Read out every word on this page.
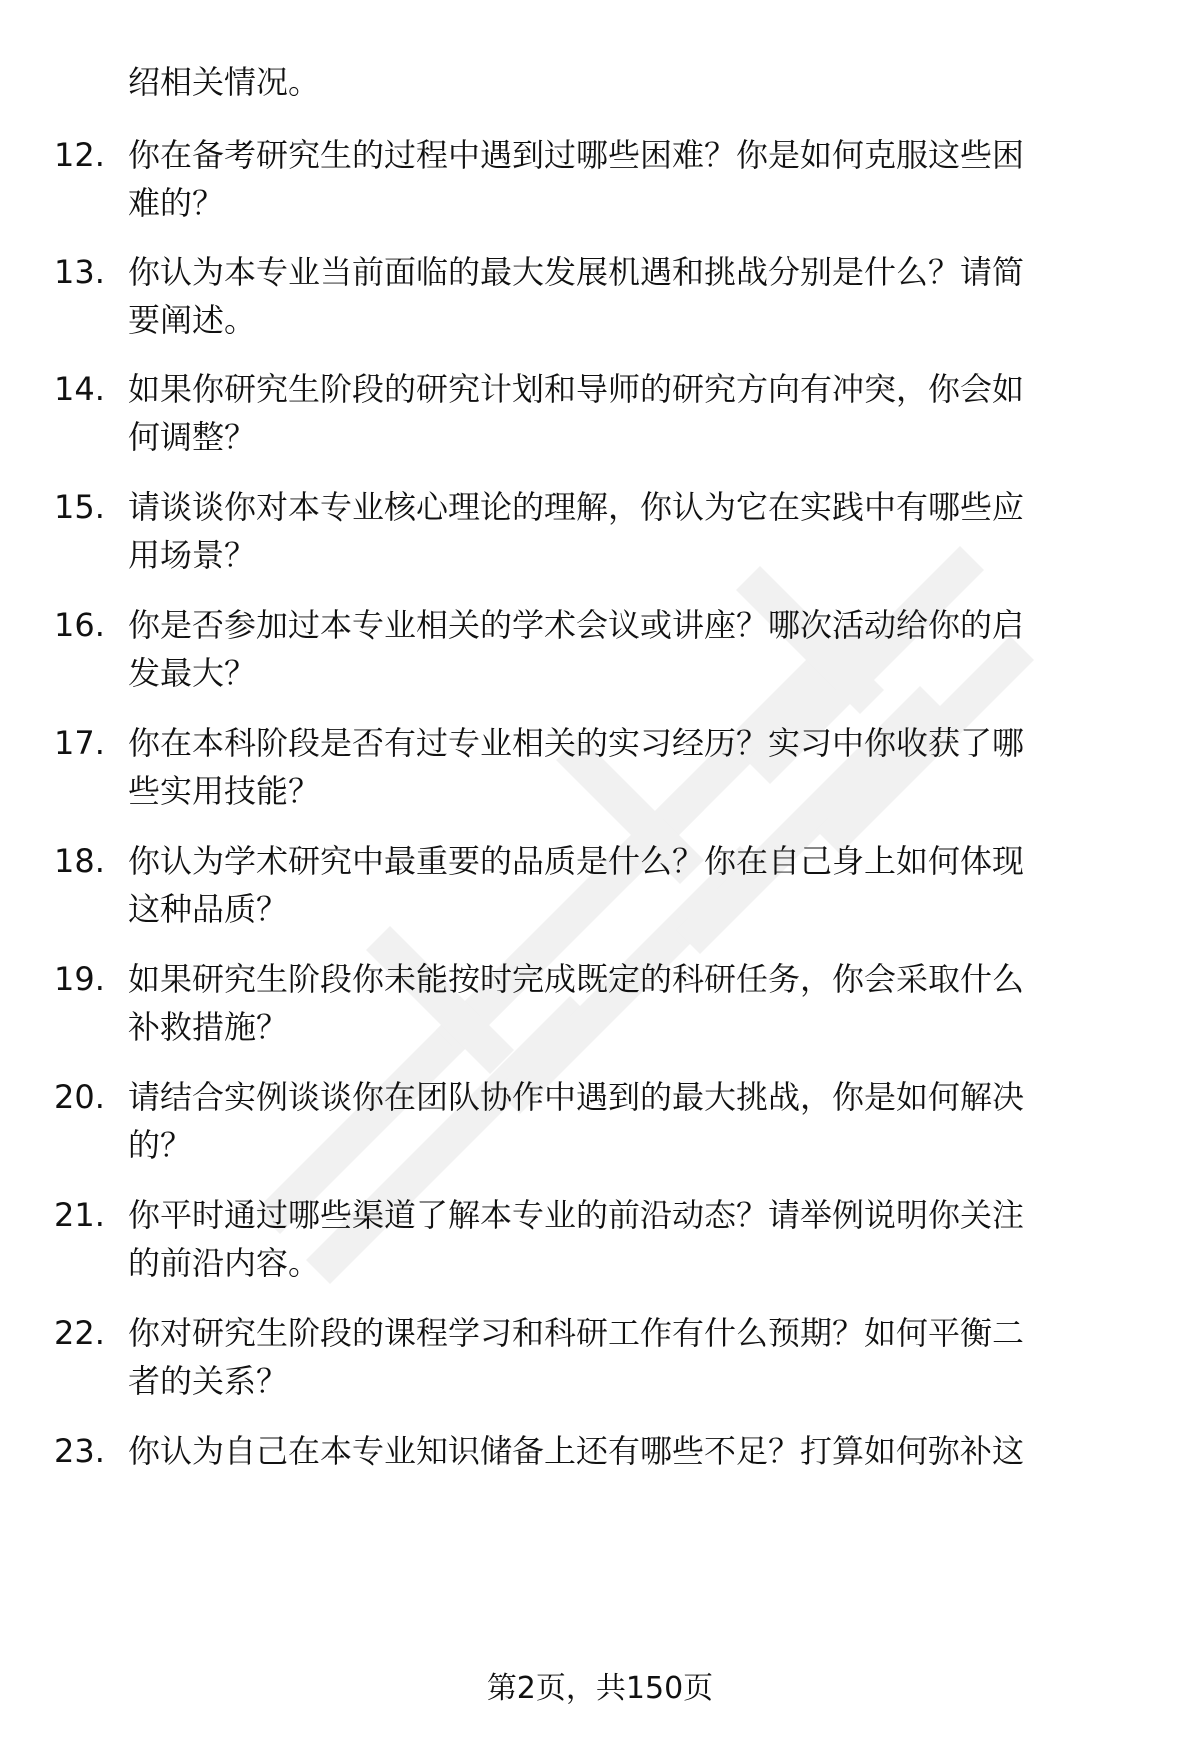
绍相关情况。
12. 你在备考研究生的过程中遇到过哪些困难？你是如何克服这些困
难的？
13. 你认为本专业当前面临的最大发展机遇和挑战分别是什么？请简
要阐述。
14. 如果你研究生阶段的研究计划和导师的研究方向有冲突，你会如
何调整？
15. 请谈谈你对本专业核心理论的理解，你认为它在实践中有哪些应
用场景？
16. 你是否参加过本专业相关的学术会议或讲座？哪次活动给你的启
发最大？
17. 你在本科阶段是否有过专业相关的实习经历？实习中你收获了哪
些实用技能？
18. 你认为学术研究中最重要的品质是什么？你在自己身上如何体现
这种品质？
19. 如果研究生阶段你未能按时完成既定的科研任务，你会采取什么
补救措施？
20. 请结合实例谈谈你在团队协作中遇到的最大挑战，你是如何解决
的？
21. 你平时通过哪些渠道了解本专业的前沿动态？请举例说明你关注
的前沿内容。
22. 你对研究生阶段的课程学习和科研工作有什么预期？如何平衡二
者的关系？
23. 你认为自己在本专业知识储备上还有哪些不足？打算如何弥补这
第2页，共150页
